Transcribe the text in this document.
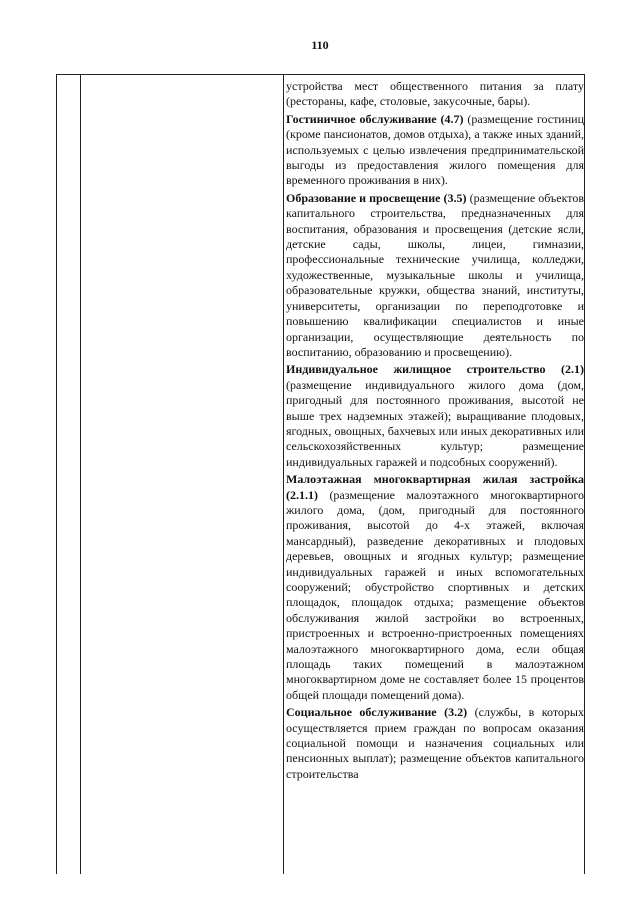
110

устройства мест общественного питания за плату (рестораны, кафе, столовые, закусочные, бары).

Гостиничное обслуживание (4.7) (размещение гостиниц (кроме пансионатов, домов отдыха), а также иных зданий, используемых с целью извлечения предпринимательской выгоды из предоставления жилого помещения для временного проживания в них).

Образование и просвещение (3.5) (размещение объектов капитального строительства, предназначенных для воспитания, образования и просвещения (детские ясли, детские сады, школы, лицеи, гимназии, профессиональные технические училища, колледжи, художественные, музыкальные школы и училища, образовательные кружки, общества знаний, институты, университеты, организации по переподготовке и повышению квалификации специалистов и иные организации, осуществляющие деятельность по воспитанию, образованию и просвещению).

Индивидуальное жилищное строительство (2.1) (размещение индивидуального жилого дома (дом, пригодный для постоянного проживания, высотой не выше трех надземных этажей); выращивание плодовых, ягодных, овощных, бахчевых или иных декоративных или сельскохозяйственных культур; размещение индивидуальных гаражей и подсобных сооружений).

Малоэтажная многоквартирная жилая застройка (2.1.1) (размещение малоэтажного многоквартирного жилого дома, (дом, пригодный для постоянного проживания, высотой до 4-х этажей, включая мансардный), разведение декоративных и плодовых деревьев, овощных и ягодных культур; размещение индивидуальных гаражей и иных вспомогательных сооружений; обустройство спортивных и детских площадок, площадок отдыха; размещение объектов обслуживания жилой застройки во встроенных, пристроенных и встроенно-пристроенных помещениях малоэтажного многоквартирного дома, если общая площадь таких помещений в малоэтажном многоквартирном доме не составляет более 15 процентов общей площади помещений дома).

Социальное обслуживание (3.2) (службы, в которых осуществляется прием граждан по вопросам оказания социальной помощи и назначения социальных или пенсионных выплат); размещение объектов капитального строительства
